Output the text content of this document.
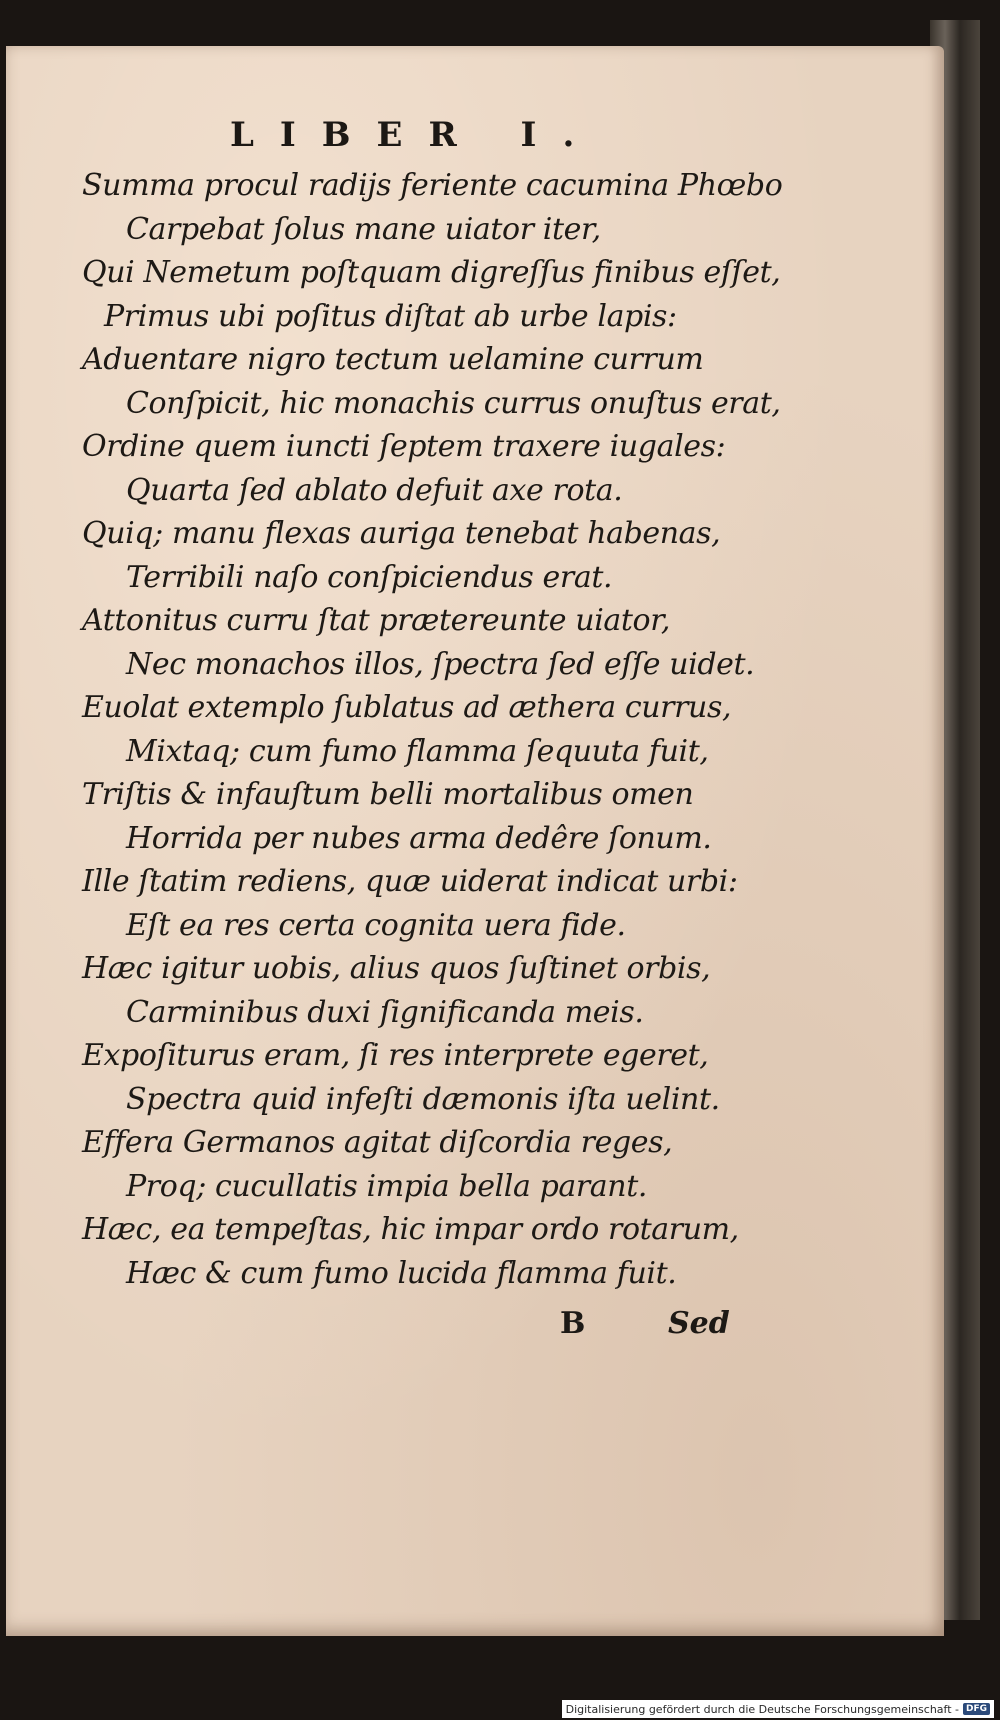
LIBER I.
Summa procul radijs feriente cacumina Phœbo
Carpebat ſolus mane uiator iter,
Qui Nemetum poſtquam digreſſus finibus eſſet,
Primus ubi poſitus diſtat ab urbe lapis:
Aduentare nigro tectum uelamine currum
Conſpicit, hic monachis currus onuſtus erat,
Ordine quem iuncti ſeptem traxere iugales:
Quarta ſed ablato defuit axe rota.
Quiq; manu flexas auriga tenebat habenas,
Terribili naſo conſpiciendus erat.
Attonitus curru ſtat prætereunte uiator,
Nec monachos illos, ſpectra ſed eſſe uidet.
Euolat extemplo ſublatus ad æthera currus,
Mixtaq; cum fumo flamma ſequuta fuit,
Triſtis & infauſtum belli mortalibus omen
Horrida per nubes arma dedêre ſonum.
Ille ſtatim rediens, quæ uiderat indicat urbi:
Eſt ea res certa cognita uera fide.
Hæc igitur uobis, alius quos ſuſtinet orbis,
Carminibus duxi ſignificanda meis.
Expoſiturus eram, ſi res interprete egeret,
Spectra quid infeſti dæmonis iſta uelint.
Effera Germanos agitat diſcordia reges,
Proq; cucullatis impia bella parant.
Hæc, ea tempeſtas, hic impar ordo rotarum,
Hæc & cum fumo lucida flamma fuit.
B	Sed
Digitalisierung gefördert durch die Deutsche Forschungsgemeinschaft - DFG
